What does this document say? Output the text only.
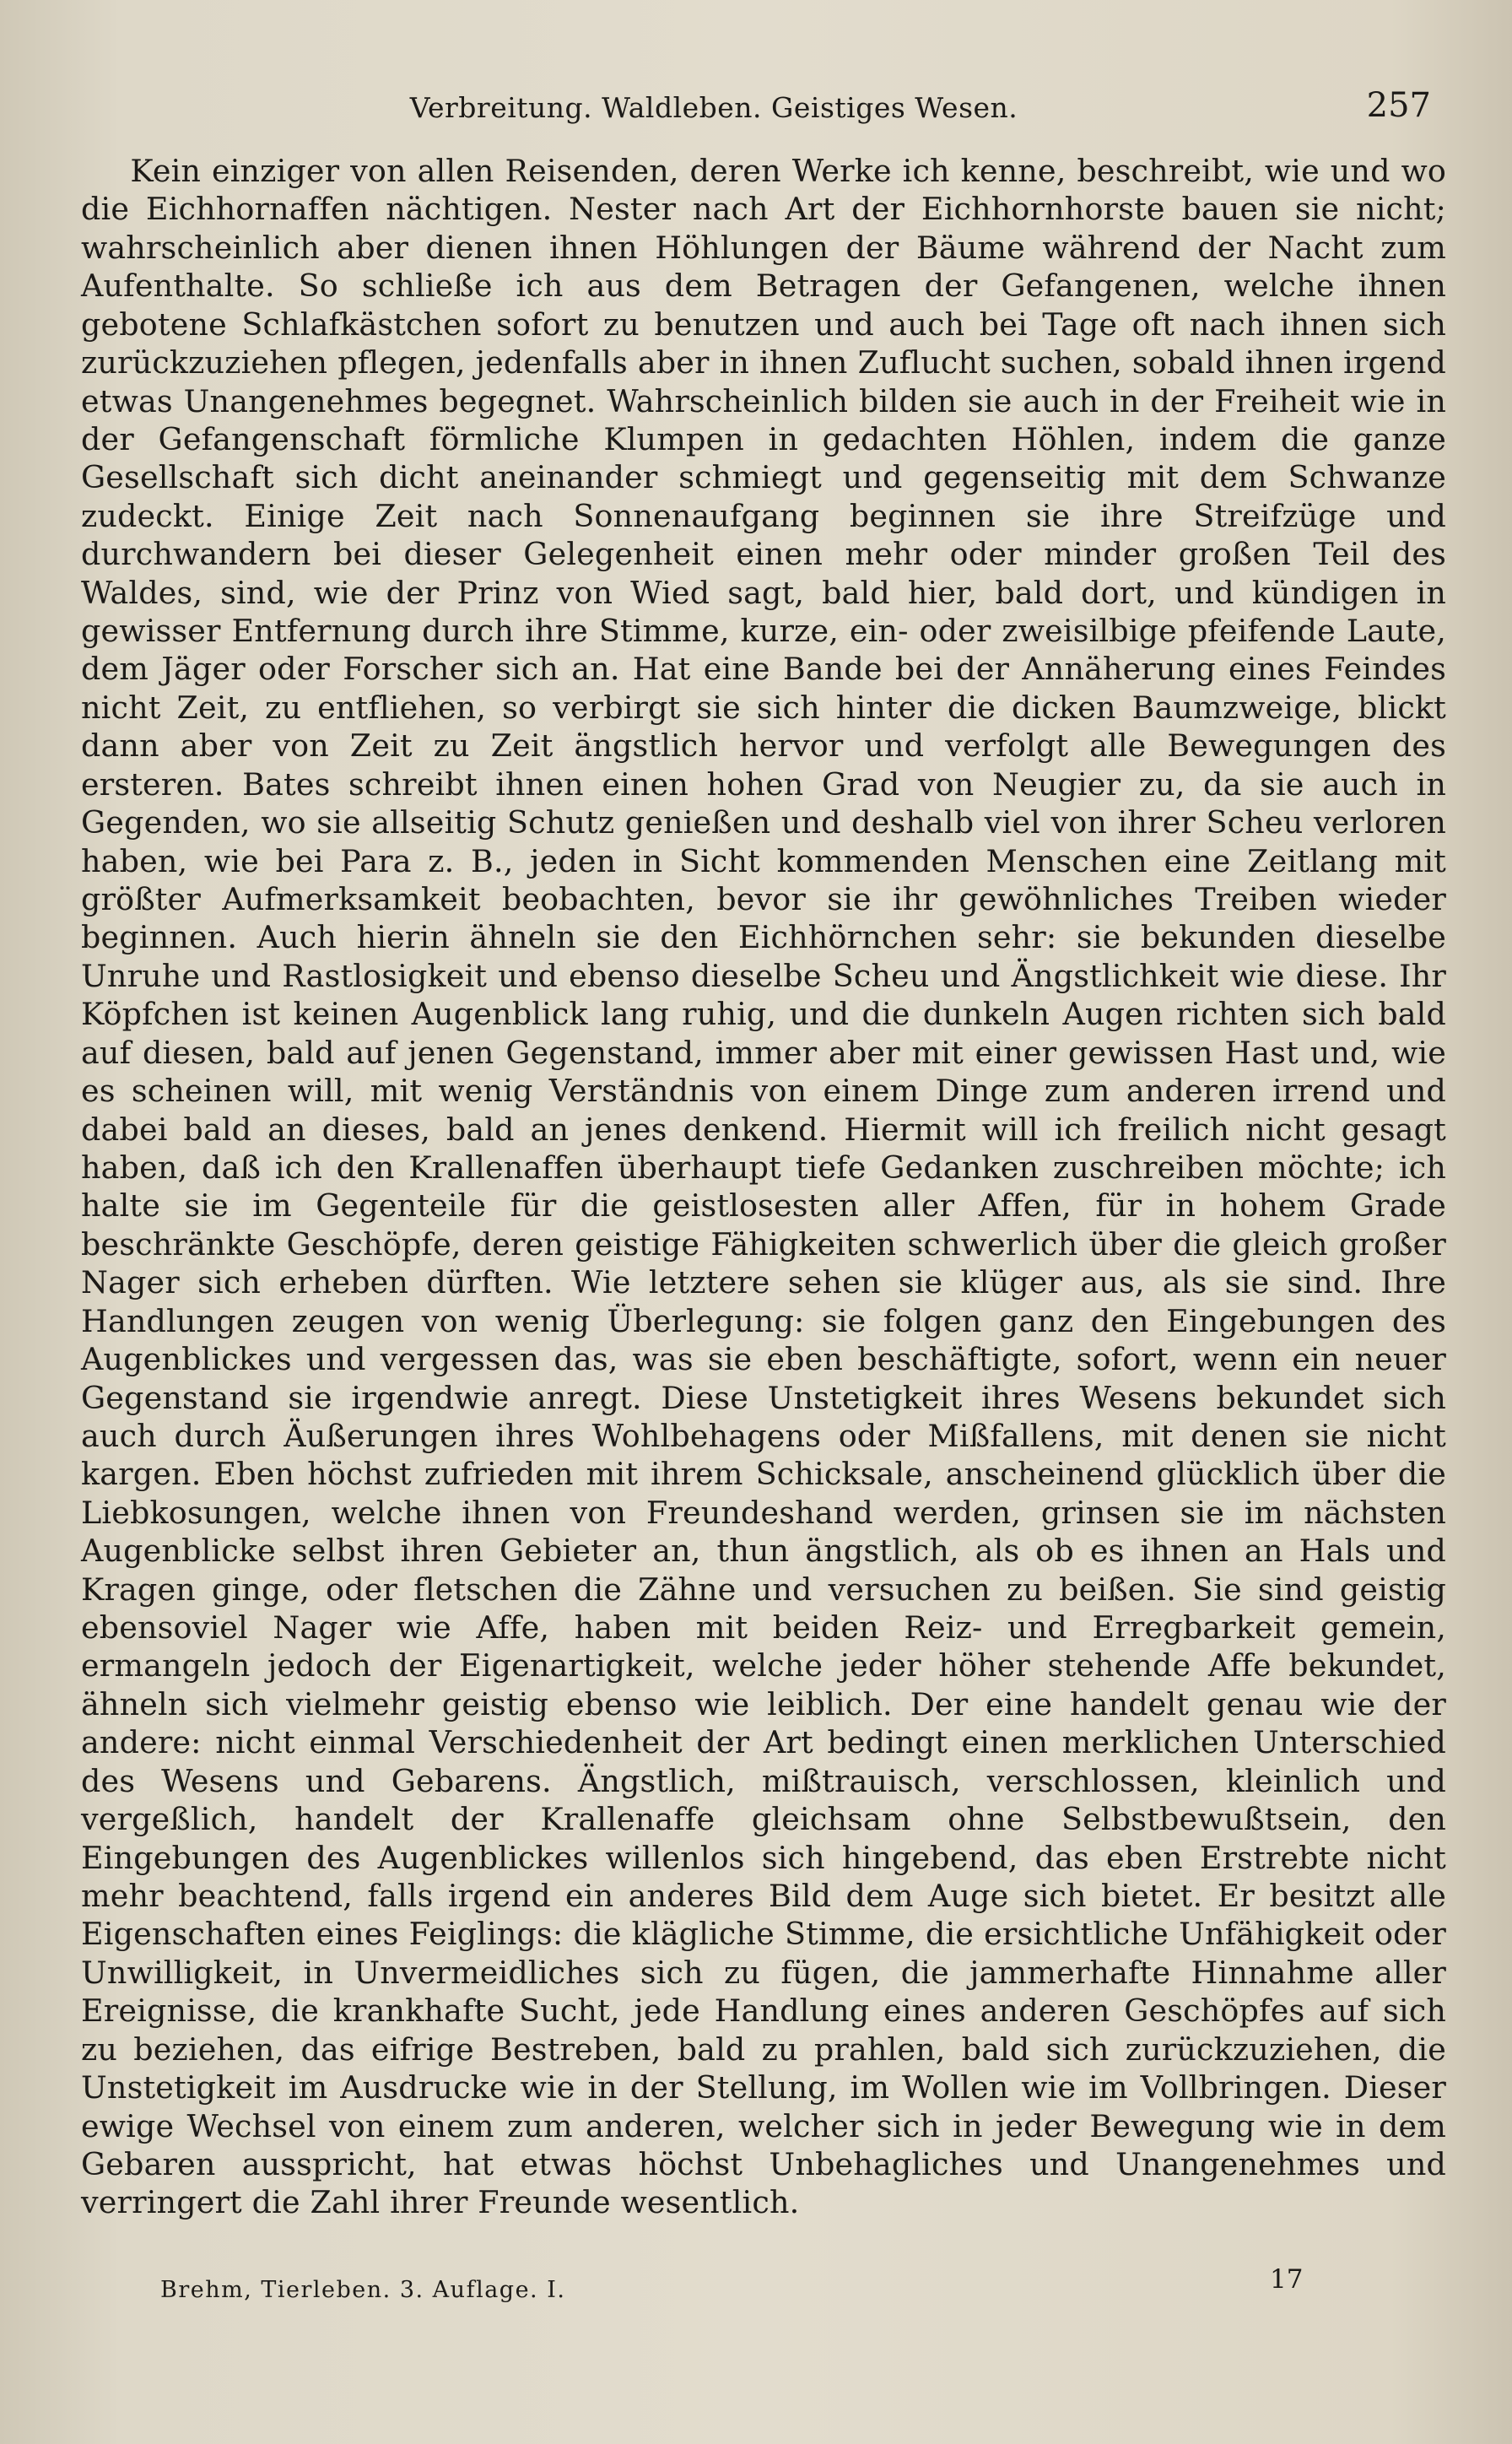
Verbreitung. Waldleben. Geistiges Wesen.	257

Kein einziger von allen Reisenden, deren Werke ich kenne, beschreibt, wie und wo die Eichhornaffen nächtigen. Nester nach Art der Eichhornhorste bauen sie nicht; wahrscheinlich aber dienen ihnen Höhlungen der Bäume während der Nacht zum Aufenthalte. So schließe ich aus dem Betragen der Gefangenen, welche ihnen gebotene Schlafkästchen sofort zu benutzen und auch bei Tage oft nach ihnen sich zurückzuziehen pflegen, jedenfalls aber in ihnen Zuflucht suchen, sobald ihnen irgend etwas Unangenehmes begegnet. Wahrscheinlich bilden sie auch in der Freiheit wie in der Gefangenschaft förmliche Klumpen in gedachten Höhlen, indem die ganze Gesellschaft sich dicht aneinander schmiegt und gegenseitig mit dem Schwanze zudeckt. Einige Zeit nach Sonnenaufgang beginnen sie ihre Streifzüge und durchwandern bei dieser Gelegenheit einen mehr oder minder großen Teil des Waldes, sind, wie der Prinz von Wied sagt, bald hier, bald dort, und kündigen in gewisser Entfernung durch ihre Stimme, kurze, ein- oder zweisilbige pfeifende Laute, dem Jäger oder Forscher sich an. Hat eine Bande bei der Annäherung eines Feindes nicht Zeit, zu entfliehen, so verbirgt sie sich hinter die dicken Baumzweige, blickt dann aber von Zeit zu Zeit ängstlich hervor und verfolgt alle Bewegungen des ersteren. Bates schreibt ihnen einen hohen Grad von Neugier zu, da sie auch in Gegenden, wo sie allseitig Schutz genießen und deshalb viel von ihrer Scheu verloren haben, wie bei Para z. B., jeden in Sicht kommenden Menschen eine Zeitlang mit größter Aufmerksamkeit beobachten, bevor sie ihr gewöhnliches Treiben wieder beginnen. Auch hierin ähneln sie den Eichhörnchen sehr: sie bekunden dieselbe Unruhe und Rastlosigkeit und ebenso dieselbe Scheu und Ängstlichkeit wie diese. Ihr Köpfchen ist keinen Augenblick lang ruhig, und die dunkeln Augen richten sich bald auf diesen, bald auf jenen Gegenstand, immer aber mit einer gewissen Hast und, wie es scheinen will, mit wenig Verständnis von einem Dinge zum anderen irrend und dabei bald an dieses, bald an jenes denkend. Hiermit will ich freilich nicht gesagt haben, daß ich den Krallenaffen überhaupt tiefe Gedanken zuschreiben möchte; ich halte sie im Gegenteile für die geistlosesten aller Affen, für in hohem Grade beschränkte Geschöpfe, deren geistige Fähigkeiten schwerlich über die gleich großer Nager sich erheben dürften. Wie letztere sehen sie klüger aus, als sie sind. Ihre Handlungen zeugen von wenig Überlegung: sie folgen ganz den Eingebungen des Augenblickes und vergessen das, was sie eben beschäftigte, sofort, wenn ein neuer Gegenstand sie irgendwie anregt. Diese Unstetigkeit ihres Wesens bekundet sich auch durch Äußerungen ihres Wohlbehagens oder Mißfallens, mit denen sie nicht kargen. Eben höchst zufrieden mit ihrem Schicksale, anscheinend glücklich über die Liebkosungen, welche ihnen von Freundeshand werden, grinsen sie im nächsten Augenblicke selbst ihren Gebieter an, thun ängstlich, als ob es ihnen an Hals und Kragen ginge, oder fletschen die Zähne und versuchen zu beißen. Sie sind geistig ebensoviel Nager wie Affe, haben mit beiden Reiz- und Erregbarkeit gemein, ermangeln jedoch der Eigenartigkeit, welche jeder höher stehende Affe bekundet, ähneln sich vielmehr geistig ebenso wie leiblich. Der eine handelt genau wie der andere: nicht einmal Verschiedenheit der Art bedingt einen merklichen Unterschied des Wesens und Gebarens. Ängstlich, mißtrauisch, verschlossen, kleinlich und vergeßlich, handelt der Krallenaffe gleichsam ohne Selbstbewußtsein, den Eingebungen des Augenblickes willenlos sich hingebend, das eben Erstrebte nicht mehr beachtend, falls irgend ein anderes Bild dem Auge sich bietet. Er besitzt alle Eigenschaften eines Feiglings: die klägliche Stimme, die ersichtliche Unfähigkeit oder Unwilligkeit, in Unvermeidliches sich zu fügen, die jammerhafte Hinnahme aller Ereignisse, die krankhafte Sucht, jede Handlung eines anderen Geschöpfes auf sich zu beziehen, das eifrige Bestreben, bald zu prahlen, bald sich zurückzuziehen, die Unstetigkeit im Ausdrucke wie in der Stellung, im Wollen wie im Vollbringen. Dieser ewige Wechsel von einem zum anderen, welcher sich in jeder Bewegung wie in dem Gebaren ausspricht, hat etwas höchst Unbehagliches und Unangenehmes und verringert die Zahl ihrer Freunde wesentlich.

Brehm, Tierleben. 3. Auflage. I.	17
